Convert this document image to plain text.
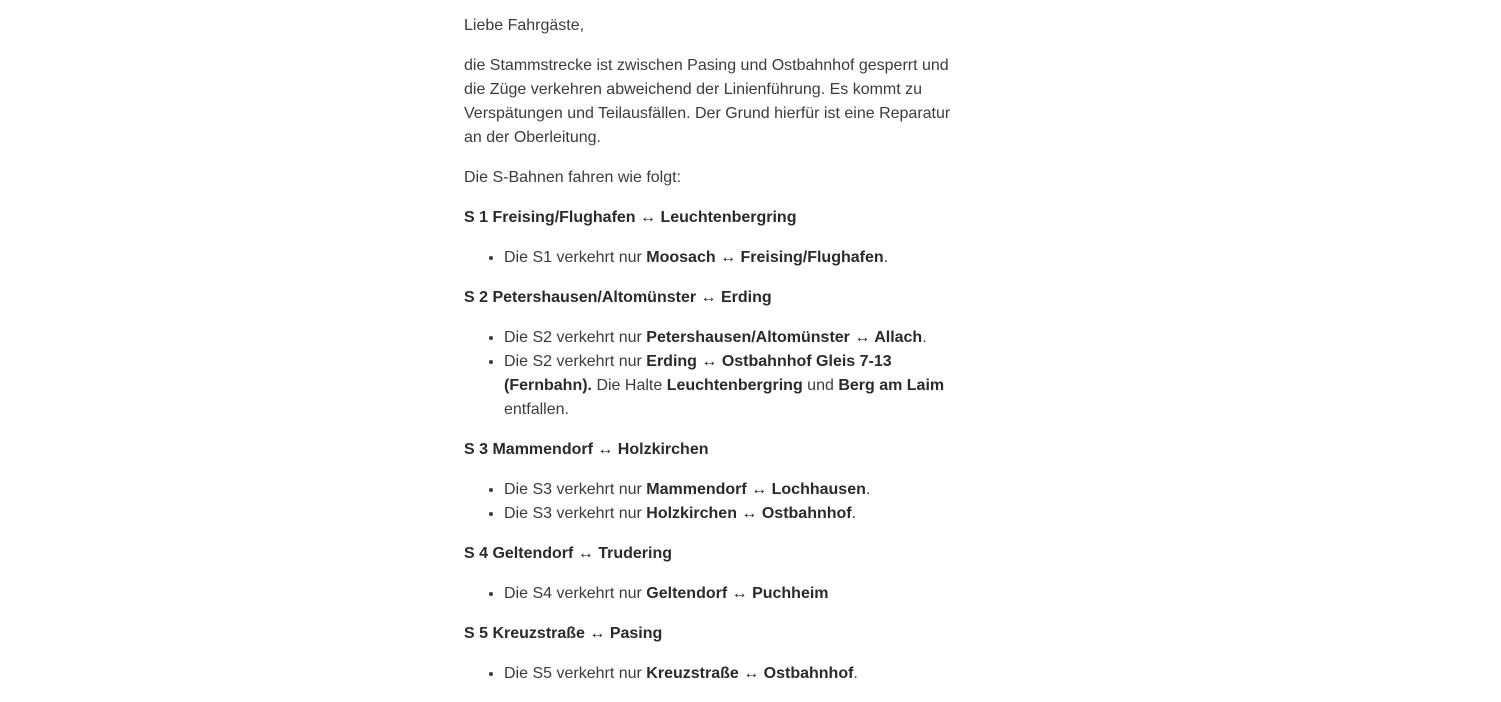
Liebe Fahrgäste,

die Stammstrecke ist zwischen Pasing und Ostbahnhof gesperrt und die Züge verkehren abweichend der Linienführung. Es kommt zu Verspätungen und Teilausfällen. Der Grund hierfür ist eine Reparatur an der Oberleitung.

Die S-Bahnen fahren wie folgt:

S 1 Freising/Flughafen ↔ Leuchtenbergring

• Die S1 verkehrt nur Moosach ↔ Freising/Flughafen.

S 2 Petershausen/Altomünster ↔ Erding

• Die S2 verkehrt nur Petershausen/Altomünster ↔ Allach.
• Die S2 verkehrt nur Erding ↔ Ostbahnhof Gleis 7-13 (Fernbahn). Die Halte Leuchtenbergring und Berg am Laim entfallen.

S 3 Mammendorf ↔ Holzkirchen

• Die S3 verkehrt nur Mammendorf ↔ Lochhausen.
• Die S3 verkehrt nur Holzkirchen ↔ Ostbahnhof.

S 4 Geltendorf ↔ Trudering

• Die S4 verkehrt nur Geltendorf ↔ Puchheim

S 5 Kreuzstraße ↔ Pasing

• Die S5 verkehrt nur Kreuzstraße ↔ Ostbahnhof.
